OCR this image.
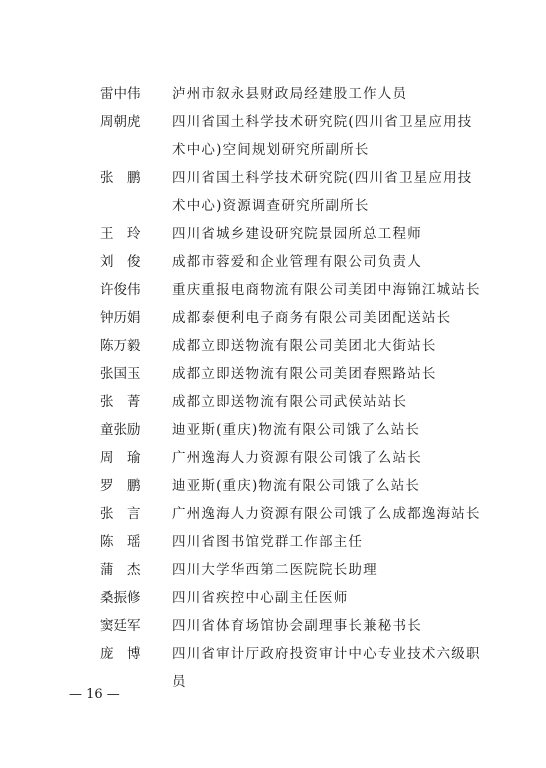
雷中伟	泸州市叙永县财政局经建股工作人员
周朝虎	四川省国土科学技术研究院(四川省卫星应用技术中心)空间规划研究所副所长
张　鹏	四川省国土科学技术研究院(四川省卫星应用技术中心)资源调查研究所副所长
王　玲	四川省城乡建设研究院景园所总工程师
刘　俊	成都市蓉爱和企业管理有限公司负责人
许俊伟	重庆重报电商物流有限公司美团中海锦江城站长
钟历娟	成都泰便利电子商务有限公司美团配送站长
陈万毅	成都立即送物流有限公司美团北大街站长
张国玉	成都立即送物流有限公司美团春熙路站长
张　菁	成都立即送物流有限公司武侯站站长
童张励	迪亚斯(重庆)物流有限公司饿了么站长
周　瑜	广州逸海人力资源有限公司饿了么站长
罗　鹏	迪亚斯(重庆)物流有限公司饿了么站长
张　言	广州逸海人力资源有限公司饿了么成都逸海站长
陈　瑶	四川省图书馆党群工作部主任
蒲　杰	四川大学华西第二医院院长助理
桑振修	四川省疾控中心副主任医师
窦廷军	四川省体育场馆协会副理事长兼秘书长
庞　博	四川省审计厅政府投资审计中心专业技术六级职员
— 16 —
